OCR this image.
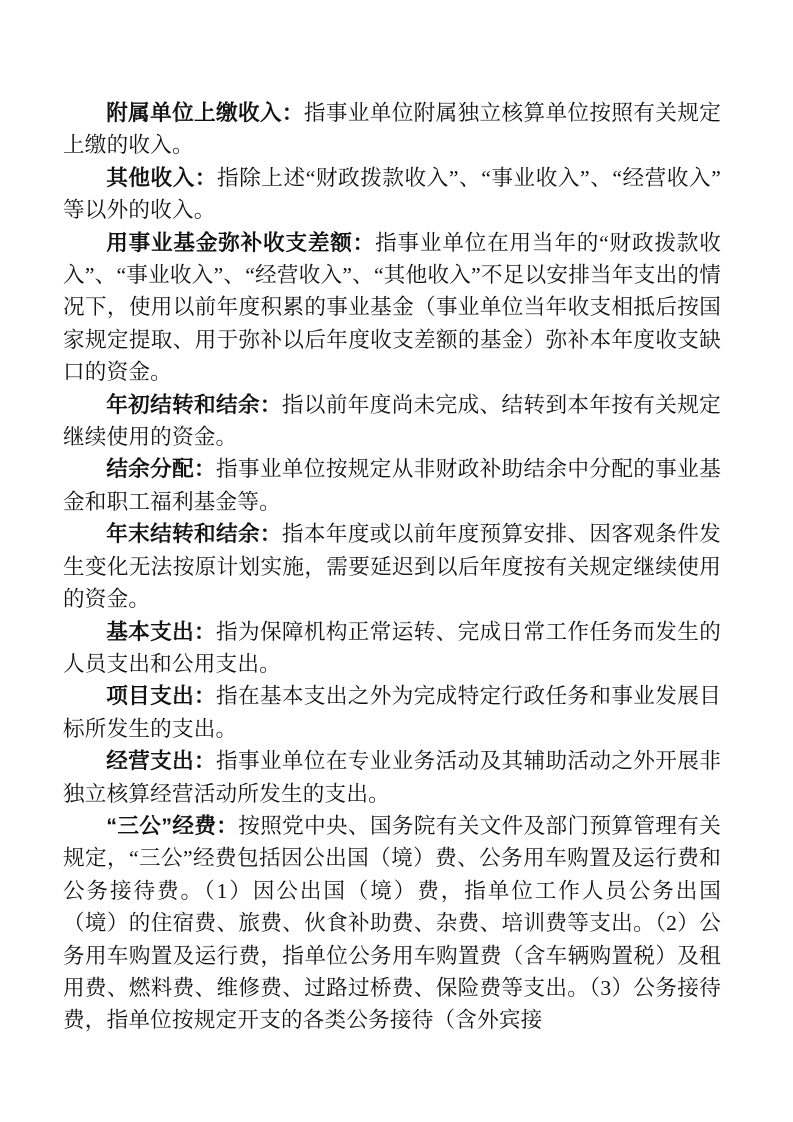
附属单位上缴收入：指事业单位附属独立核算单位按照有关规定上缴的收入。

其他收入：指除上述“财政拨款收入”、“事业收入”、“经营收入”等以外的收入。

用事业基金弥补收支差额：指事业单位在用当年的“财政拨款收入”、“事业收入”、“经营收入”、“其他收入”不足以安排当年支出的情况下，使用以前年度积累的事业基金（事业单位当年收支相抵后按国家规定提取、用于弥补以后年度收支差额的基金）弥补本年度收支缺口的资金。

年初结转和结余：指以前年度尚未完成、结转到本年按有关规定继续使用的资金。

结余分配：指事业单位按规定从非财政补助结余中分配的事业基金和职工福利基金等。

年末结转和结余：指本年度或以前年度预算安排、因客观条件发生变化无法按原计划实施，需要延迟到以后年度按有关规定继续使用的资金。

基本支出：指为保障机构正常运转、完成日常工作任务而发生的人员支出和公用支出。

项目支出：指在基本支出之外为完成特定行政任务和事业发展目标所发生的支出。

经营支出：指事业单位在专业业务活动及其辅助活动之外开展非独立核算经营活动所发生的支出。

“三公”经费：按照党中央、国务院有关文件及部门预算管理有关规定，“三公”经费包括因公出国（境）费、公务用车购置及运行费和公务接待费。（1）因公出国（境）费，指单位工作人员公务出国（境）的住宿费、旅费、伙食补助费、杂费、培训费等支出。（2）公务用车购置及运行费，指单位公务用车购置费（含车辆购置税）及租用费、燃料费、维修费、过路过桥费、保险费等支出。（3）公务接待费，指单位按规定开支的各类公务接待（含外宾接
